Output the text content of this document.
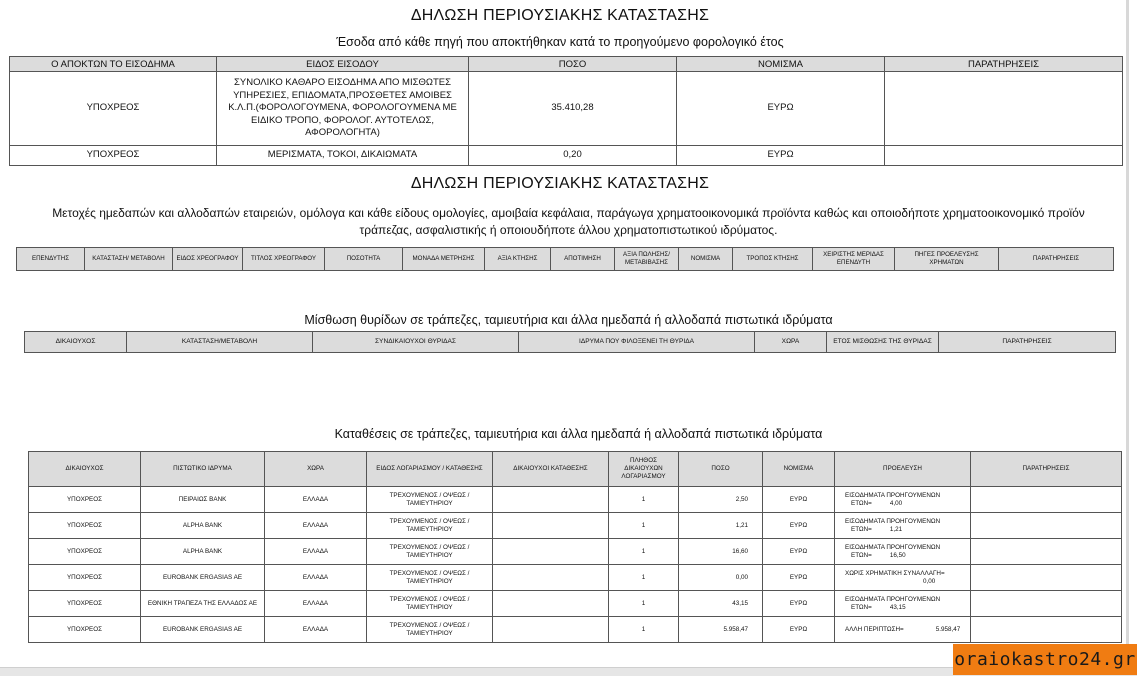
ΔΗΛΩΣΗ ΠΕΡΙΟΥΣΙΑΚΗΣ ΚΑΤΑΣΤΑΣΗΣ
Έσοδα από κάθε πηγή που αποκτήθηκαν κατά το προηγούμενο φορολογικό έτος
Ο ΑΠΟΚΤΩΝ ΤΟ ΕΙΣΟΔΗΜΑ	ΕΙΔΟΣ ΕΙΣΟΔΟΥ	ΠΟΣΟ	ΝΟΜΙΣΜΑ	ΠΑΡΑΤΗΡΗΣΕΙΣ
ΥΠΟΧΡΕΟΣ	ΣΥΝΟΛΙΚΟ ΚΑΘΑΡΟ ΕΙΣΟΔΗΜΑ ΑΠΟ ΜΙΣΘΩΤΕΣ ΥΠΗΡΕΣΙΕΣ, ΕΠΙΔΟΜΑΤΑ,ΠΡΟΣΘΕΤΕΣ ΑΜΟΙΒΕΣ Κ.Λ.Π.(ΦΟΡΟΛΟΓΟΥΜΕΝΑ, ΦΟΡΟΛΟΓΟΥΜΕΝΑ ΜΕ ΕΙΔΙΚΟ ΤΡΟΠΟ, ΦΟΡΟΛΟΓ. ΑΥΤΟΤΕΛΩΣ, ΑΦΟΡΟΛΟΓΗΤΑ)	35.410,28	ΕΥΡΩ	
ΥΠΟΧΡΕΟΣ	ΜΕΡΙΣΜΑΤΑ, ΤΟΚΟΙ, ΔΙΚΑΙΩΜΑΤΑ	0,20	ΕΥΡΩ	
ΔΗΛΩΣΗ ΠΕΡΙΟΥΣΙΑΚΗΣ ΚΑΤΑΣΤΑΣΗΣ
Μετοχές ημεδαπών και αλλοδαπών εταιρειών, ομόλογα και κάθε είδους ομολογίες, αμοιβαία κεφάλαια, παράγωγα χρηματοοικονομικά προϊόντα καθώς και οποιοδήποτε χρηματοοικονομικό προϊόν
τράπεζας, ασφαλιστικής ή οποιουδήποτε άλλου χρηματοπιστωτικού ιδρύματος.
ΕΠΕΝΔΥΤΗΣ	ΚΑΤΑΣΤΑΣΗ/ ΜΕΤΑΒΟΛΗ	ΕΙΔΟΣ ΧΡΕΟΓΡΑΦΟΥ	ΤΙΤΛΟΣ ΧΡΕΟΓΡΑΦΟΥ	ΠΟΣΟΤΗΤΑ	ΜΟΝΑΔΑ ΜΕΤΡΗΣΗΣ	ΑΞΙΑ ΚΤΗΣΗΣ	ΑΠΟΤΙΜΗΣΗ	ΑΞΙΑ ΠΩΛΗΣΗΣ/ ΜΕΤΑΒΙΒΑΣΗΣ	ΝΟΜΙΣΜΑ	ΤΡΟΠΟΣ ΚΤΗΣΗΣ	ΧΕΙΡΙΣΤΗΣ ΜΕΡΙΔΑΣ ΕΠΕΝΔΥΤΗ	ΠΗΓΕΣ ΠΡΟΕΛΕΥΣΗΣ ΧΡΗΜΑΤΩΝ	ΠΑΡΑΤΗΡΗΣΕΙΣ
Μίσθωση θυρίδων σε τράπεζες, ταμιευτήρια και άλλα ημεδαπά ή αλλοδαπά πιστωτικά ιδρύματα
ΔΙΚΑΙΟΥΧΟΣ	ΚΑΤΑΣΤΑΣΗ/ΜΕΤΑΒΟΛΗ	ΣΥΝΔΙΚΑΙΟΥΧΟΙ ΘΥΡΙΔΑΣ	ΙΔΡΥΜΑ ΠΟΥ ΦΙΛΟΞΕΝΕΙ ΤΗ ΘΥΡΙΔΑ	ΧΩΡΑ	ΕΤΟΣ ΜΙΣΘΩΣΗΣ ΤΗΣ ΘΥΡΙΔΑΣ	ΠΑΡΑΤΗΡΗΣΕΙΣ
Καταθέσεις σε τράπεζες, ταμιευτήρια και άλλα ημεδαπά ή αλλοδαπά πιστωτικά ιδρύματα
ΔΙΚΑΙΟΥΧΟΣ	ΠΙΣΤΩΤΙΚΟ ΙΔΡΥΜΑ	ΧΩΡΑ	ΕΙΔΟΣ ΛΟΓΑΡΙΑΣΜΟΥ / ΚΑΤΑΘΕΣΗΣ	ΔΙΚΑΙΟΥΧΟΙ ΚΑΤΑΘΕΣΗΣ	ΠΛΗΘΟΣ ΔΙΚΑΙΟΥΧΩΝ ΛΟΓΑΡΙΑΣΜΟΥ	ΠΟΣΟ	ΝΟΜΙΣΜΑ	ΠΡΟΕΛΕΥΣΗ	ΠΑΡΑΤΗΡΗΣΕΙΣ
ΥΠΟΧΡΕΟΣ	ΠΕΙΡΑΙΩΣ BANK	ΕΛΛΑΔΑ	ΤΡΕΧΟΥΜΕΝΟΣ / ΟΨΕΩΣ / ΤΑΜΙΕΥΤΗΡΙΟΥ		1	2,50	ΕΥΡΩ	ΕΙΣΟΔΗΜΑΤΑ ΠΡΟΗΓΟΥΜΕΝΩΝ
ΕΤΩΝ= 4,00	

ΥΠΟΧΡΕΟΣ	ALPHA BANK	ΕΛΛΑΔΑ	ΤΡΕΧΟΥΜΕΝΟΣ / ΟΨΕΩΣ / ΤΑΜΙΕΥΤΗΡΙΟΥ		1	1,21	ΕΥΡΩ	ΕΙΣΟΔΗΜΑΤΑ ΠΡΟΗΓΟΥΜΕΝΩΝ
ΕΤΩΝ= 1,21	

ΥΠΟΧΡΕΟΣ	ALPHA BANK	ΕΛΛΑΔΑ	ΤΡΕΧΟΥΜΕΝΟΣ / ΟΨΕΩΣ / ΤΑΜΙΕΥΤΗΡΙΟΥ		1	16,60	ΕΥΡΩ	ΕΙΣΟΔΗΜΑΤΑ ΠΡΟΗΓΟΥΜΕΝΩΝ
ΕΤΩΝ= 16,50	

ΥΠΟΧΡΕΟΣ	EUROBANK ERGASIAS AE	ΕΛΛΑΔΑ	ΤΡΕΧΟΥΜΕΝΟΣ / ΟΨΕΩΣ / ΤΑΜΙΕΥΤΗΡΙΟΥ		1	0,00	ΕΥΡΩ	ΧΩΡΙΣ ΧΡΗΜΑΤΙΚΗ ΣΥΝΑΛΛΑΓΗ=
0,00	

ΥΠΟΧΡΕΟΣ	ΕΘΝΙΚΗ ΤΡΑΠΕΖΑ ΤΗΣ ΕΛΛΑΔΟΣ ΑΕ	ΕΛΛΑΔΑ	ΤΡΕΧΟΥΜΕΝΟΣ / ΟΨΕΩΣ / ΤΑΜΙΕΥΤΗΡΙΟΥ		1	43,15	ΕΥΡΩ	ΕΙΣΟΔΗΜΑΤΑ ΠΡΟΗΓΟΥΜΕΝΩΝ
ΕΤΩΝ= 43,15	

ΥΠΟΧΡΕΟΣ	EUROBANK ERGASIAS AE	ΕΛΛΑΔΑ	ΤΡΕΧΟΥΜΕΝΟΣ / ΟΨΕΩΣ / ΤΑΜΙΕΥΤΗΡΙΟΥ		1	5.958,47	ΕΥΡΩ	ΑΛΛΗ ΠΕΡΙΠΤΩΣΗ= 5.958,47	
oraiokastro24.gr
